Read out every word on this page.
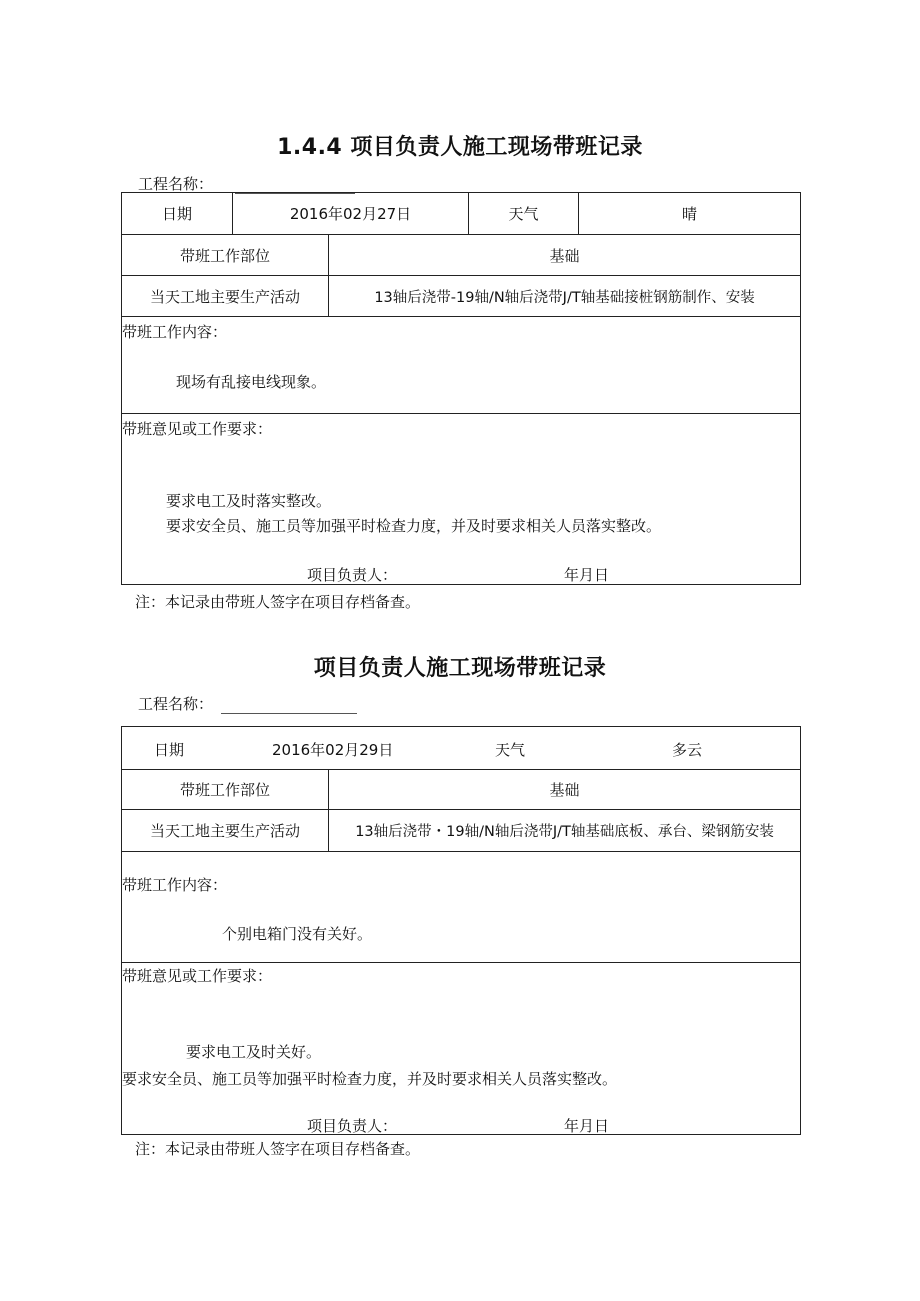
1.4.4 项目负责人施工现场带班记录
工程名称：
日期	2016年02月27日		天气	晴
带班工作部位		基础		
当天工地主要生产活动		13轴后浇带-19轴/N轴后浇带J/T轴基础接桩钢筋制作、安装		

带班工作内容：
现场有乱接电线现象。				

带班意见或工作要求：
要求电工及时落实整改。
要求安全员、施工员等加强平时检查力度，并及时要求相关人员落实整改。
项目负责人： 年月日				
注：本记录由带班人签字在项目存档备查。
项目负责人施工现场带班记录
工程名称：
日期 2016年02月29日 天气 多云	

带班工作部位	基础
当天工地主要生产活动	13轴后浇带・19轴/N轴后浇带J/T轴基础底板、承台、梁钢筋安装

带班工作内容：
个别电箱门没有关好。	

带班意见或工作要求：
要求电工及时关好。
要求安全员、施工员等加强平时检查力度，并及时要求相关人员落实整改。
项目负责人： 年月日	
注：本记录由带班人签字在项目存档备查。
